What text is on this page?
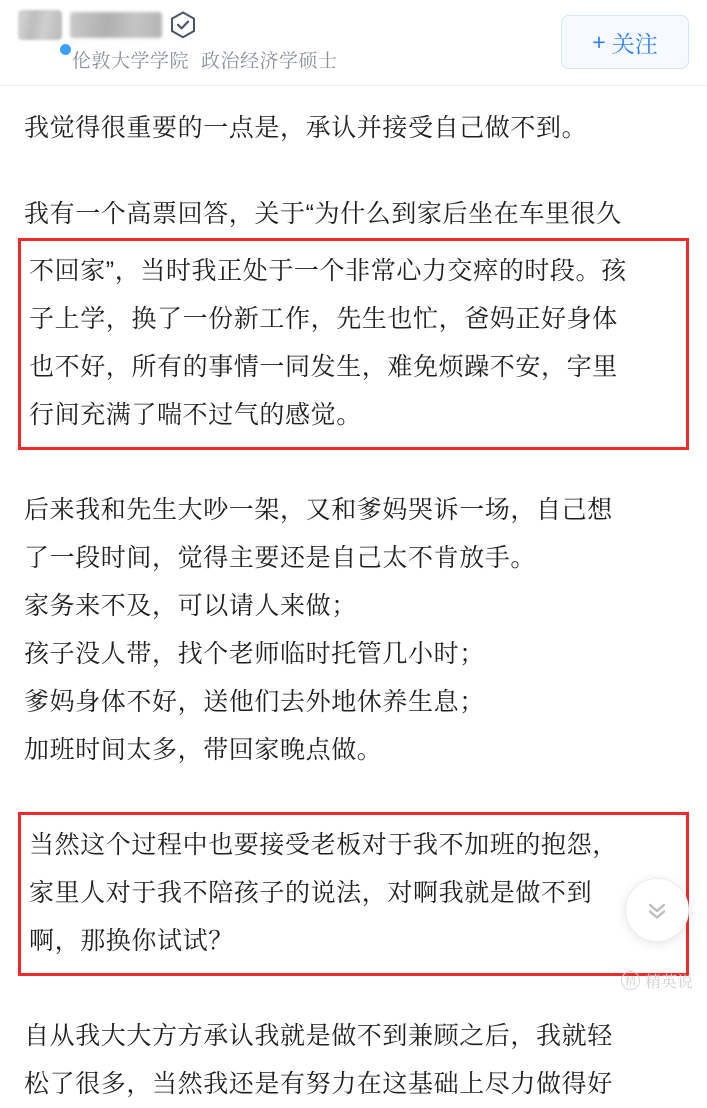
伦敦大学学院 政治经济学硕士
+ 关注

我觉得很重要的一点是，承认并接受自己做不到。

我有一个高票回答，关于“为什么到家后坐在车里很久

不回家”，当时我正处于一个非常心力交瘁的时段。孩
子上学，换了一份新工作，先生也忙，爸妈正好身体
也不好，所有的事情一同发生，难免烦躁不安，字里
行间充满了喘不过气的感觉。

后来我和先生大吵一架，又和爹妈哭诉一场，自己想
了一段时间，觉得主要还是自己太不肯放手。
家务来不及，可以请人来做；
孩子没人带，找个老师临时托管几小时；
爹妈身体不好，送他们去外地休养生息；
加班时间太多，带回家晚点做。

当然这个过程中也要接受老板对于我不加班的抱怨，
家里人对于我不陪孩子的说法，对啊我就是做不到
啊，那换你试试？

自从我大大方方承认我就是做不到兼顾之后，我就轻
松了很多，当然我还是有努力在这基础上尽力做得好

精 精英说
